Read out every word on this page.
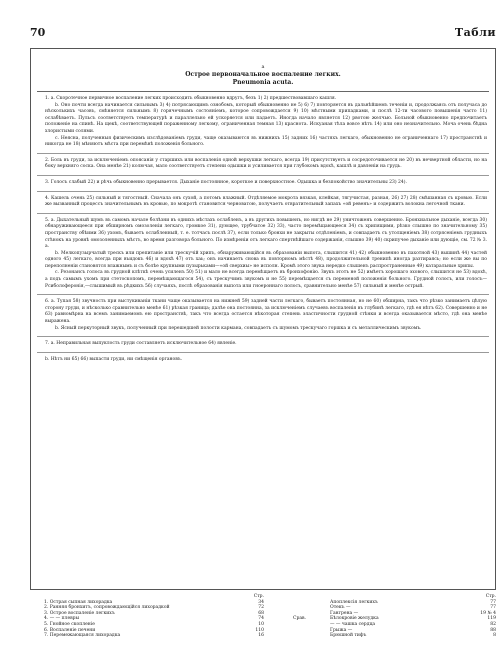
70	Табли
а
Острое первоначальное воспаление легких.
Pneumonia acuta.

1. а. Скоротечное первичное воспаление легких происходить обыкновенно вдругъ, безъ 1) 2) предшествовавшаго кашля.

b. Оно почти всегда начинается сильнымъ 3) 4) потрясающимъ ознобомъ, который обыкновенно не 5) 6) 7) повторяется въ дальнѣйшемъ теченіи и, продолжаясь отъ получаса до нѣсколькихъ часовъ, смѣняется сильнымъ 8) горячечнымъ состояніемъ, которое сопровождается 9) 10) мѣстными припадками, и послѣ 12-ти часового повышенія часто 11) ослабѣваетъ. Пульсъ соответствуетъ температурѣ и параллельно ей ускоряется или падаетъ. Иногда начало является 12) рвотою желчью. Больной обыкновенно предпочитаетъ положеніе на спинѣ. На щекѣ, соответствующей пораженному легкому, ограниченная темная 13) краснота. Искуаная тѣла вовсе нѣтъ 14) или оно незначительно. Моча очень бѣдна хлористыми солями.

с. Неясна, полученныя физическимъ изслѣдованіемъ груди, чаще оказываются въ нижнихъ 15) задних 16) частяхъ легкаго, обыкновенно не ограниченнаго 17) пространствѣ и никогда не 18) мѣняютъ мѣста при перемѣнѣ положенія больного.

2. Боль въ груди, за исключеніемъ опоясанія у старшихъ или воспаленія одной верхушки легкаго, всегда 19) присутствуетъ и сосредоточивается не 20) въ нечвертной области, но на боку верхняго соска. Она менѣе 21) колючая, мало соответствуетъ степени одышки и усиливается при глубокомъ вдохѣ, кашлѣ и давленіи на грудь.

3. Голосъ слабый 22) и рѣчь обыкновенно прерывается. Дыханіе постоянное, короткое и поверхностное. Одышка и безпокойство значительны 23) 24).

4. Кашель очень 25) сильный и тягостный. Сначала онъ сухой, а потомъ влажный. Отдѣляемое мокрота вязкая, клейкая, тягучистая, разная, 26) 27) 28) смѣшанная съ кровью. Если же вызванный процессъ значительнымъ въ кровью, по мокротѣ становится черноватою, получаетъ отвратительный запахъ «ой ревенъ» и содержитъ волокна легочной ткани.

5. а. Дыхательный шумъ въ самомъ начале болѣзни въ однихъ мѣстахъ ослабленъ, а въ другихъ повышенъ, но нигдѣ не 29) уничтоженъ совершенно. Бронхиальное дыханіе, всегда 30) обнаруживающееся при обширномъ омозоленіи легкаго, громкое 31), дующее, трубчатое 32) 33), часто перемѣщающееся 34) съ хрипящими, рѣзко слышно по значительному 35) пространству обѣими 36) ухомъ, бываетъ ослабленный, т. е. тотчасъ послѣ 37), если только бронхи не закрыты отдѣленіемъ, и совпадаетъ съ утолщеніемъ 38) сотрясеніемъ грудныхъ стѣнокъ на уровнѣ омозоленныхъ мѣстъ, во время разговора больного. По измѣреніи отъ легкаго спертнѣйшаго содержанія, слышно 39) 40) скрипучее дыханіе или дующіе, см. 72 № 3. а.

b. Мелкопузырчатый трескъ или препитаніе или трескучій хрипъ, обнаруживающійся въ образованіи выпота, слышится 41) 42) обыкновенно въ пахотной 43) вышинѣ 44) частей одного 45) легкаго, всегда при въидокъ 46) и вдохѣ 47) отъ хаь; онъ начинаетъ снова въ повторномъ мѣстѣ 48), продолжительной тренипѣ иногда разтираясь; но если же вы по переполненіи становятся влажнымъ и съ болѣе крупными пузырьками—«ой сверхиы» не исполн. Кромѣ этого звука нередко слышенъ распространенные 49) катаральные хрипы.

с. Резонансъ голоса въ грудной клѣткѣ очень усиленъ 50) 51) и мало не всегда перемѣщаетъ въ бронхофонію. Звукъ этотъ не 52) имѣетъ хорошаго эхового, слышится не 53) вдохѣ, а подъ самымъ ухомъ при стетоскопомъ, перемѣщающагося 54), съ трескучимъ звукомъ и не 55) перемѣщается съ переменой положенія больного. Грудной голосъ, или голосъ—Рсиболоферонія,—слышимый въ рѣдкихъ 56) случаяхъ, послѣ образованія выпота или гноероннаго полосъ, сравнительно менѣе 57) сильный и менѣе острый.

6. а. Тупая 58) звучность при выстукиваніи ткани чаще оказывается на нижней 59) задней части легкаго, бываетъ постоянная, но не 60) обширна, такъ что рѣзко занимаетъ цѣлую сторону груди, и нѣсколько сравнительно менѣе 61) рѣзкая граница; далѣе она постоянна, за исключеніемъ случаевъ воспаленія въ глубинѣ легкаго, гдѣ ея нѣтъ 62). Совершенно и не 63) равномѣрна на всемъ занимаемомъ ею пространствѣ, такъ что всегда остается нѣкоторая степень эластичности грудной стѣнки и всегда оказывается мѣсто, гдѣ она менѣе выражена.

b. Ясный перкуторный звукъ, полученный при перешедшей полости кармана, совпадаетъ съ шумомъ трескучаго горшка и съ металлическимъ звукомъ.

7. а. Неправильная выпуклость груди составляетъ исключительное 64) явленіе.

b. Нѣтъ ни 65) 66) выпасти груди, ни смѣщенія органовъ.

Стр.
1. Острая сыпная лихорадка	34
2. Ранняя бронхитъ, сопровождающійся лихорадкой	72
3. Острое воспаленіе легкихъ	68
4. — — плевры	74
5. Гнойное скопленіе	10
6. Воспаленіе печени	110
7. Перемежающаяся лихорадка	16
Срав.
Стр.
Апоплексія легкихъ	77
Отекъ —	77
Гангрена —	19 № 4
Бѣлокровіе желудка	119
— — чашка сердца	82
Грыжа —	88
Брюшной тифъ	8
